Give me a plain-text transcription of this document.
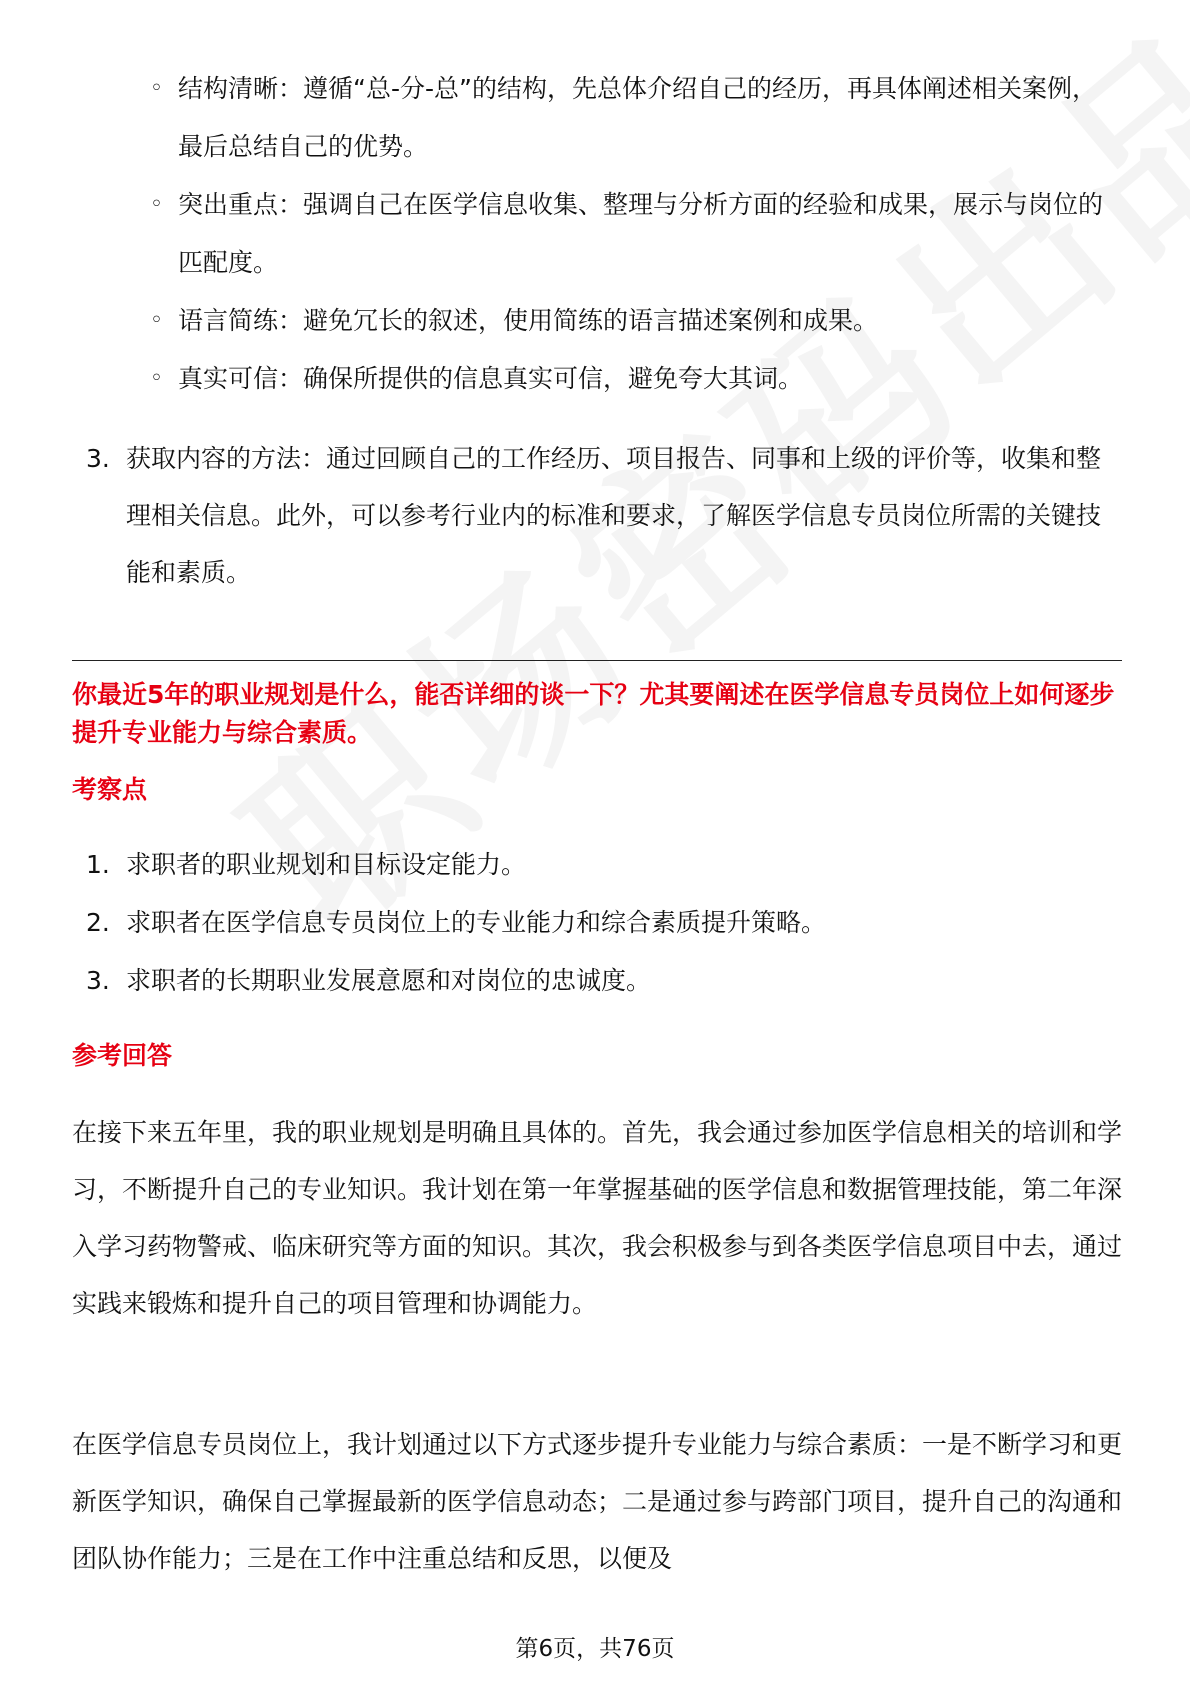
◦ 结构清晰：遵循“总-分-总”的结构，先总体介绍自己的经历，再具体阐述相关案例，最后总结自己的优势。
◦ 突出重点：强调自己在医学信息收集、整理与分析方面的经验和成果，展示与岗位的匹配度。
◦ 语言简练：避免冗长的叙述，使用简练的语言描述案例和成果。
◦ 真实可信：确保所提供的信息真实可信，避免夸大其词。
3. 获取内容的方法：通过回顾自己的工作经历、项目报告、同事和上级的评价等，收集和整理相关信息。此外，可以参考行业内的标准和要求，了解医学信息专员岗位所需的关键技能和素质。
你最近5年的职业规划是什么，能否详细的谈一下？尤其要阐述在医学信息专员岗位上如何逐步提升专业能力与综合素质。
考察点
1. 求职者的职业规划和目标设定能力。
2. 求职者在医学信息专员岗位上的专业能力和综合素质提升策略。
3. 求职者的长期职业发展意愿和对岗位的忠诚度。
参考回答
在接下来五年里，我的职业规划是明确且具体的。首先，我会通过参加医学信息相关的培训和学习，不断提升自己的专业知识。我计划在第一年掌握基础的医学信息和数据管理技能，第二年深入学习药物警戒、临床研究等方面的知识。其次，我会积极参与到各类医学信息项目中去，通过实践来锻炼和提升自己的项目管理和协调能力。
在医学信息专员岗位上，我计划通过以下方式逐步提升专业能力与综合素质：一是不断学习和更新医学知识，确保自己掌握最新的医学信息动态；二是通过参与跨部门项目，提升自己的沟通和团队协作能力；三是在工作中注重总结和反思，以便及
第6页，共76页
